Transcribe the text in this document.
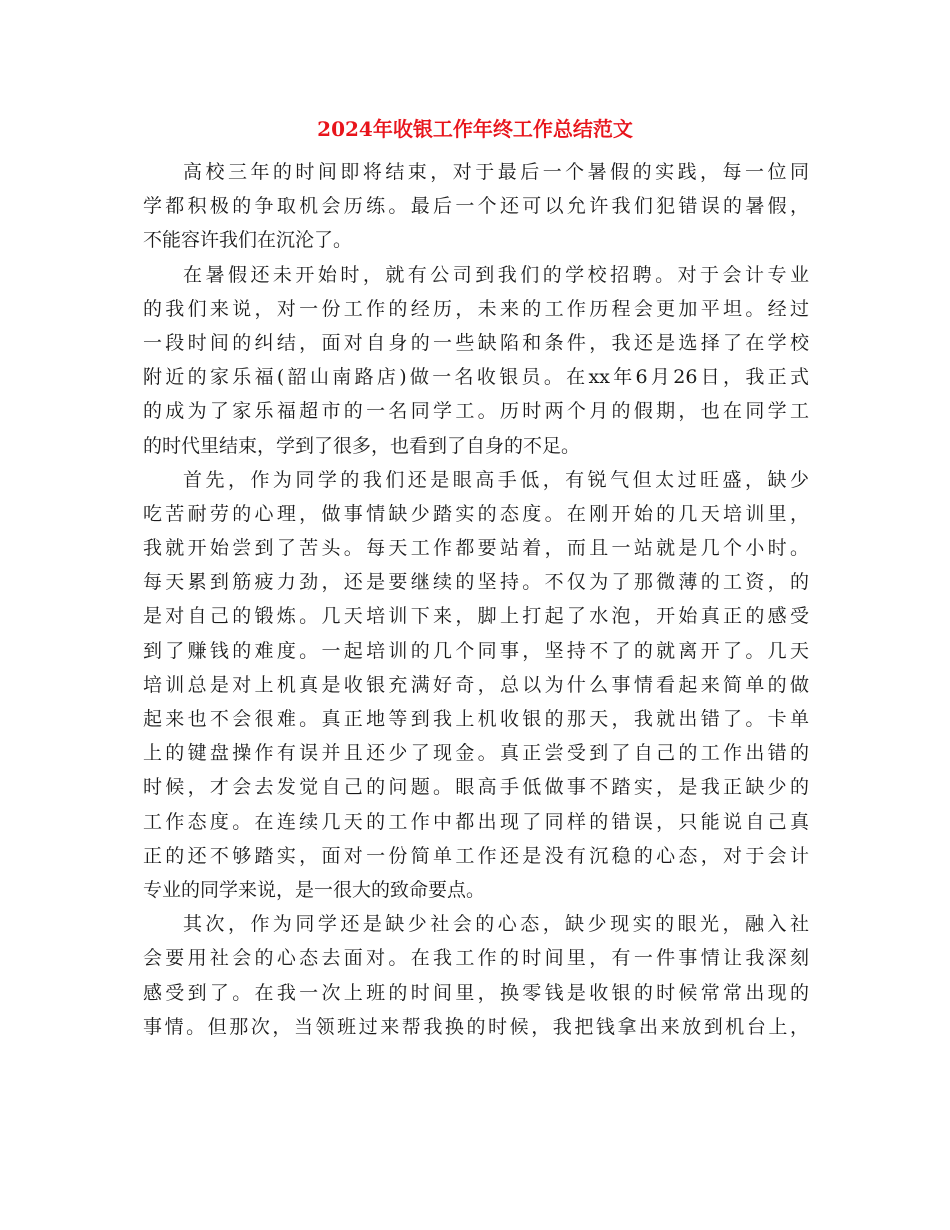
2024年收银工作年终工作总结范文

高校三年的时间即将结束，对于最后一个暑假的实践，每一位同
学都积极的争取机会历练。最后一个还可以允许我们犯错误的暑假，
不能容许我们在沉沦了。

在暑假还未开始时，就有公司到我们的学校招聘。对于会计专业
的我们来说，对一份工作的经历，未来的工作历程会更加平坦。经过
一段时间的纠结，面对自身的一些缺陷和条件，我还是选择了在学校
附近的家乐福(韶山南路店)做一名收银员。在xx年6月26日，我正式
的成为了家乐福超市的一名同学工。历时两个月的假期，也在同学工
的时代里结束，学到了很多，也看到了自身的不足。

首先，作为同学的我们还是眼高手低，有锐气但太过旺盛，缺少
吃苦耐劳的心理，做事情缺少踏实的态度。在刚开始的几天培训里，
我就开始尝到了苦头。每天工作都要站着，而且一站就是几个小时。
每天累到筋疲力劲，还是要继续的坚持。不仅为了那微薄的工资，的
是对自己的锻炼。几天培训下来，脚上打起了水泡，开始真正的感受
到了赚钱的难度。一起培训的几个同事，坚持不了的就离开了。几天
培训总是对上机真是收银充满好奇，总以为什么事情看起来简单的做
起来也不会很难。真正地等到我上机收银的那天，我就出错了。卡单
上的键盘操作有误并且还少了现金。真正尝受到了自己的工作出错的
时候，才会去发觉自己的问题。眼高手低做事不踏实，是我正缺少的
工作态度。在连续几天的工作中都出现了同样的错误，只能说自己真
正的还不够踏实，面对一份简单工作还是没有沉稳的心态，对于会计
专业的同学来说，是一很大的致命要点。

其次，作为同学还是缺少社会的心态，缺少现实的眼光，融入社
会要用社会的心态去面对。在我工作的时间里，有一件事情让我深刻
感受到了。在我一次上班的时间里，换零钱是收银的时候常常出现的
事情。但那次，当领班过来帮我换的时候，我把钱拿出来放到机台上，
